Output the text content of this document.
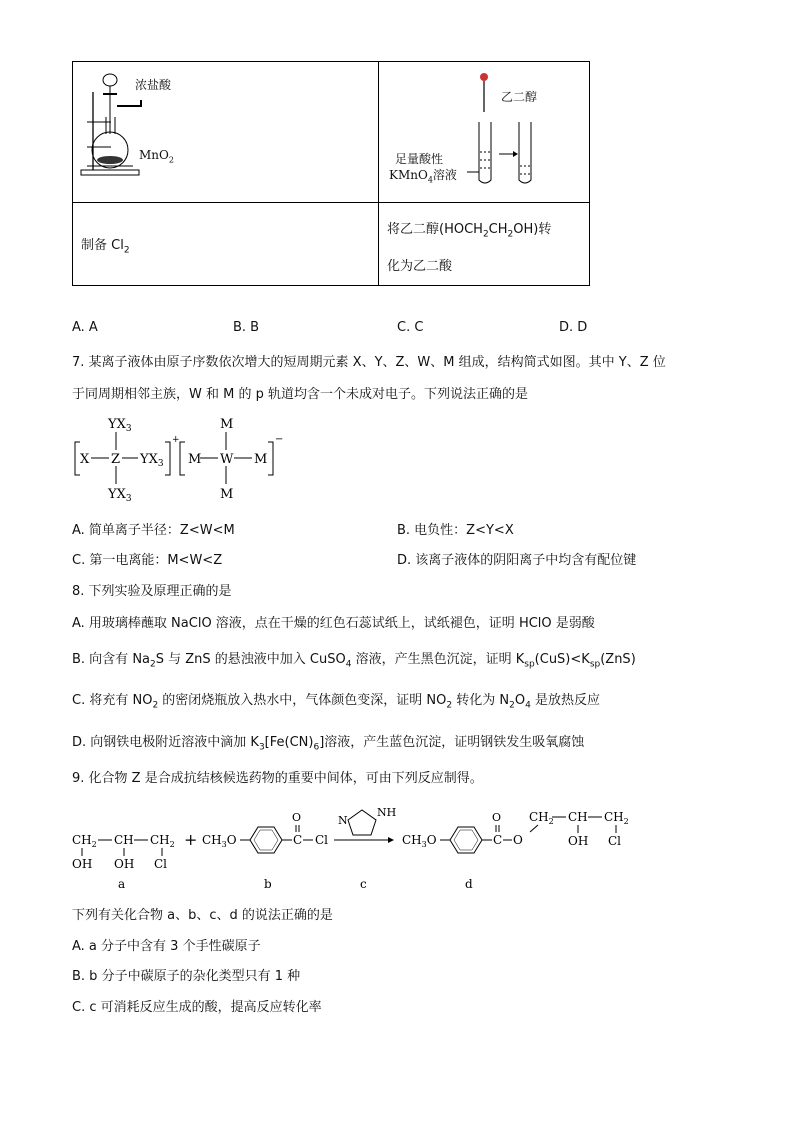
浓盐酸
MnO$_2$	乙二醇
足量酸性
KMnO$_4$溶液

制备 $Cl_2$	将乙二醇$(HOCH_2CH_2OH)$转
化为乙二酸
A. A	B. B	C. C	D. D
7. 某离子液体由原子序数依次增大的短周期元素 X、Y、Z、W、M 组成，结构简式如图。其中 Y、Z 位
于同周期相邻主族，W 和 M 的 p 轨道均含一个未成对电子。下列说法正确的是
$YX_3$
X Z $YX_3$
$YX_3$
+
M
M W M
M
−
A. 简单离子半径：Z<W<M	B. 电负性：Z<Y<X
C. 第一电离能：M<W<Z	D. 该离子液体的阴阳离子中均含有配位键
8. 下列实验及原理正确的是
A. 用玻璃棒蘸取 NaClO 溶液，点在干燥的红色石蕊试纸上，试纸褪色，证明 HClO 是弱酸
B. 向含有 $Na_2S$ 与 ZnS 的悬浊液中加入 CuSO$_4$ 溶液，产生黑色沉淀，证明 $K_{sp}(CuS)<K_{sp}(ZnS)$
C. 将充有 $NO_2$ 的密闭烧瓶放入热水中，气体颜色变深，证明 $NO_2$ 转化为 $N_2O_4$ 是放热反应
D. 向钢铁电极附近溶液中滴加 $K_3[Fe(CN)_6]$溶液，产生蓝色沉淀，证明钢铁发生吸氧腐蚀
9. 化合物 Z 是合成抗结核候选药物的重要中间体，可由下列反应制得。
$CH_2$ CH $CH_2$
OH OH Cl
+ $CH_3O$	C
O
Cl
NH
N
$CH_3O$	C
O
O
$CH_2$ CH $CH_2$
OH Cl
a	b	c	d
下列有关化合物 a、b、c、d 的说法正确的是
A. a 分子中含有 3 个手性碳原子
B. b 分子中碳原子的杂化类型只有 1 种
C. c 可消耗反应生成的酸，提高反应转化率
